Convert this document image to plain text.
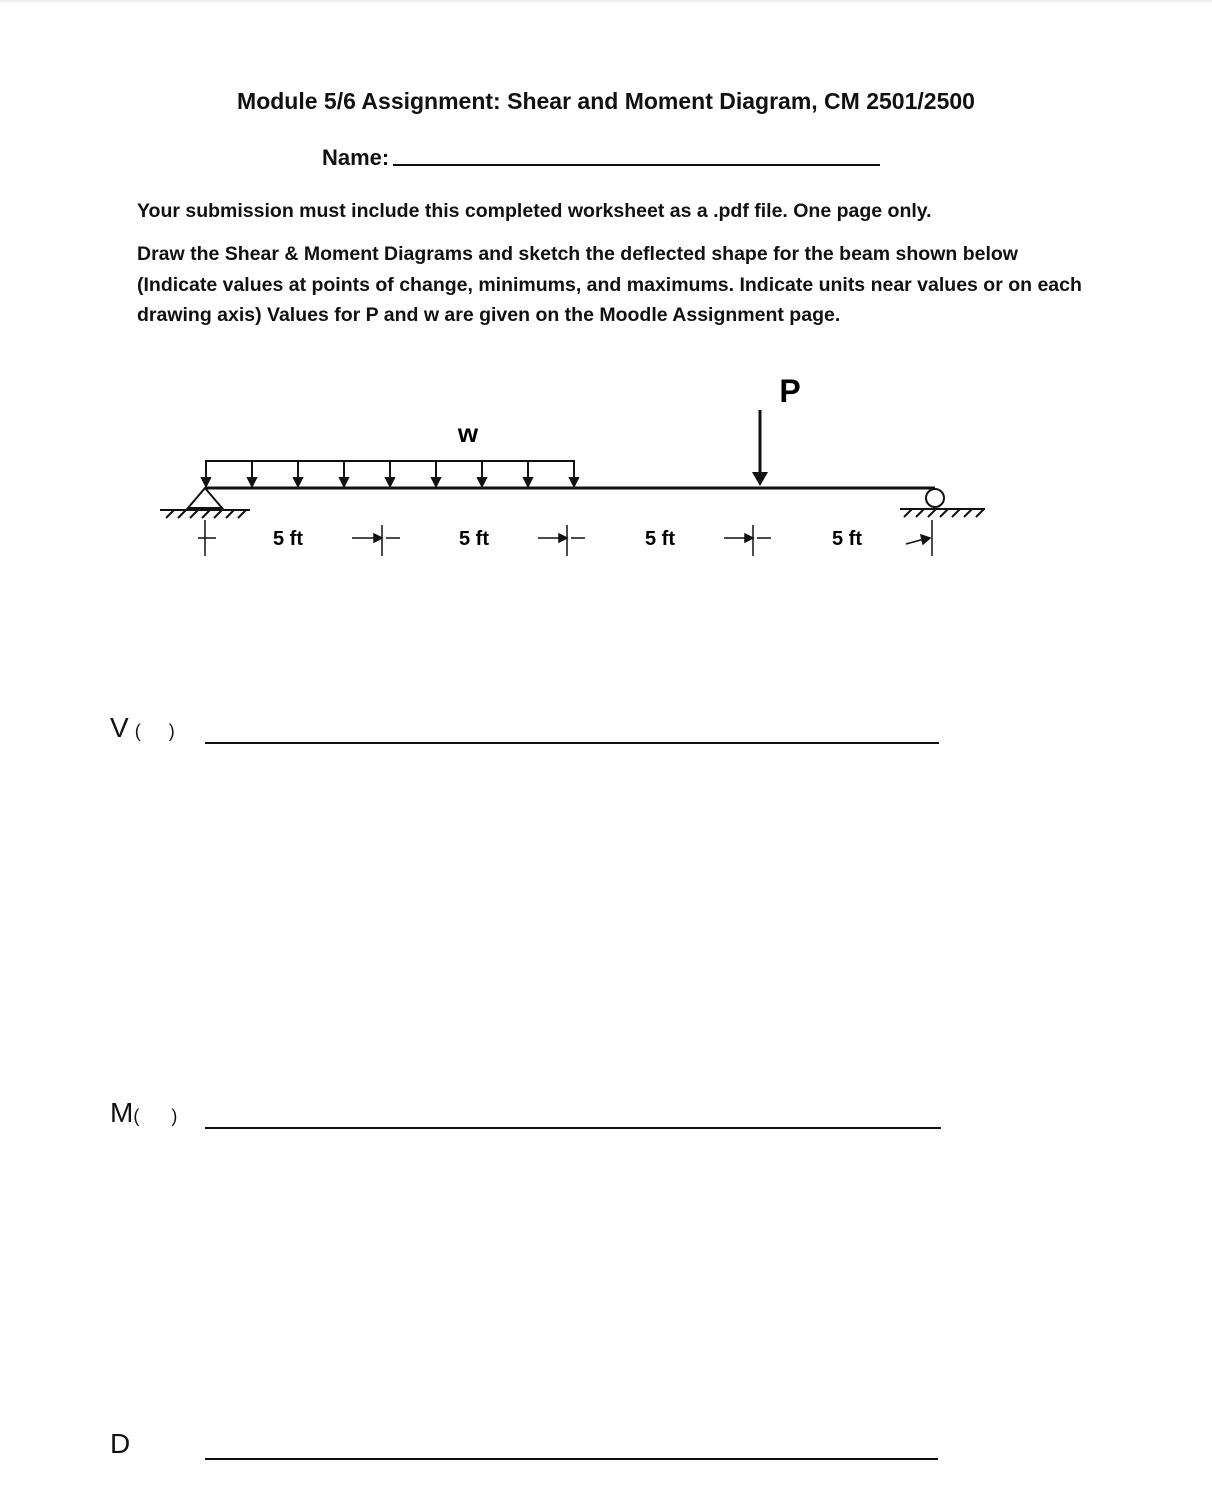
Module 5/6 Assignment: Shear and Moment Diagram, CM 2501/2500
Name:
Your submission must include this completed worksheet as a .pdf file. One page only.
Draw the Shear & Moment Diagrams and sketch the deflected shape for the beam shown below (Indicate values at points of change, minimums, and maximums. Indicate units near values or on each drawing axis) Values for P and w are given on the Moodle Assignment page.
P
w
5 ft	5 ft	5 ft	5 ft
V ( )
M( )
D
